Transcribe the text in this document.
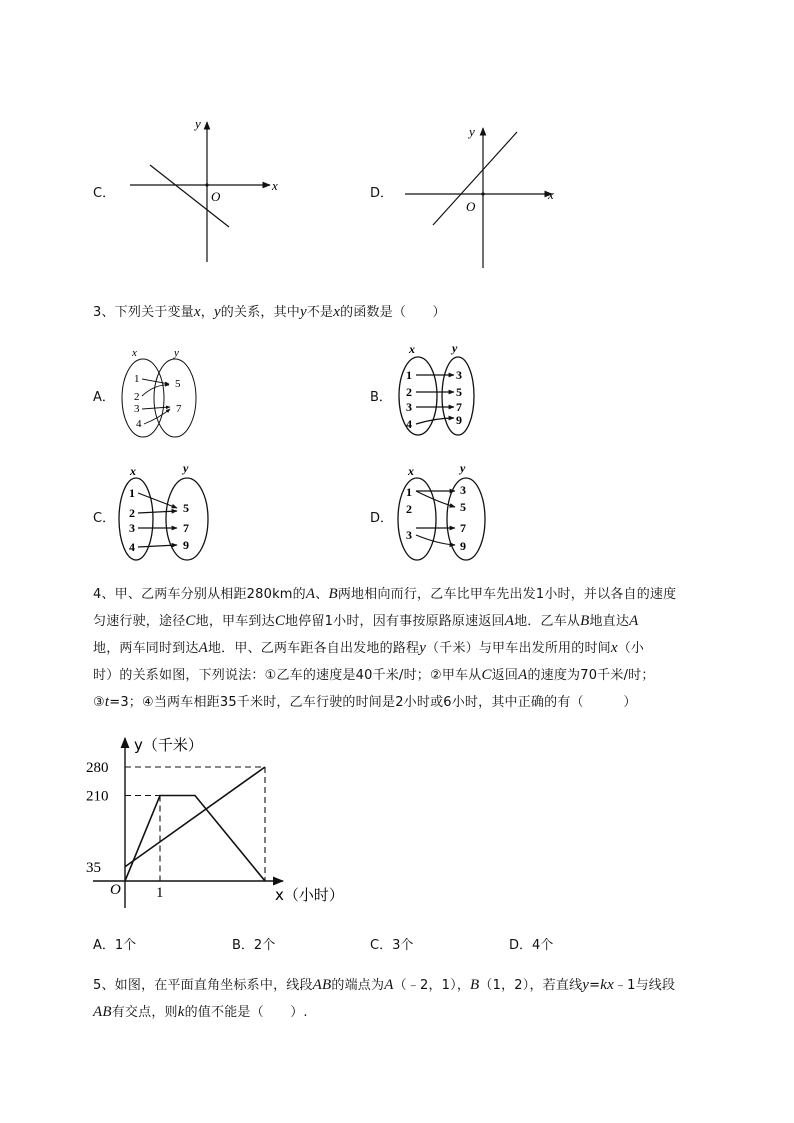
C．
x
y
O	D．	x
y
O
3、下列关于变量x，y的关系，其中y不是x的函数是（　　）
A．
x	y
1
2
3
4
5
7
B．
x	y
1
2
3
4
3
5
7
9
C．
x	y
1
2
3
4
5
7
9
D．
x	y
1
2
3
3
5
7
9
4、甲、乙两车分别从相距280km的A、B两地相向而行，乙车比甲车先出发1小时，并以各自的速度
匀速行驶，途径C地，甲车到达C地停留1小时，因有事按原路原速返回A地．乙车从B地直达A
地，两车同时到达A地．甲、乙两车距各自出发地的路程y（千米）与甲车出发所用的时间x（小
时）的关系如图，下列说法：①乙车的速度是40千米/时；②甲车从C返回A的速度为70千米/时；
③t=3；④当两车相距35千米时，乙车行驶的时间是2小时或6小时，其中正确的有（　　　）
y（千米）
x（小时）
O
280
210
35
1
A．1个	B．2个	C．3个	D．4个
5、如图，在平面直角坐标系中，线段AB的端点为A（﹣2，1），B（1，2），若直线y=kx﹣1与线段
AB有交点，则k的值不能是（　　）.
